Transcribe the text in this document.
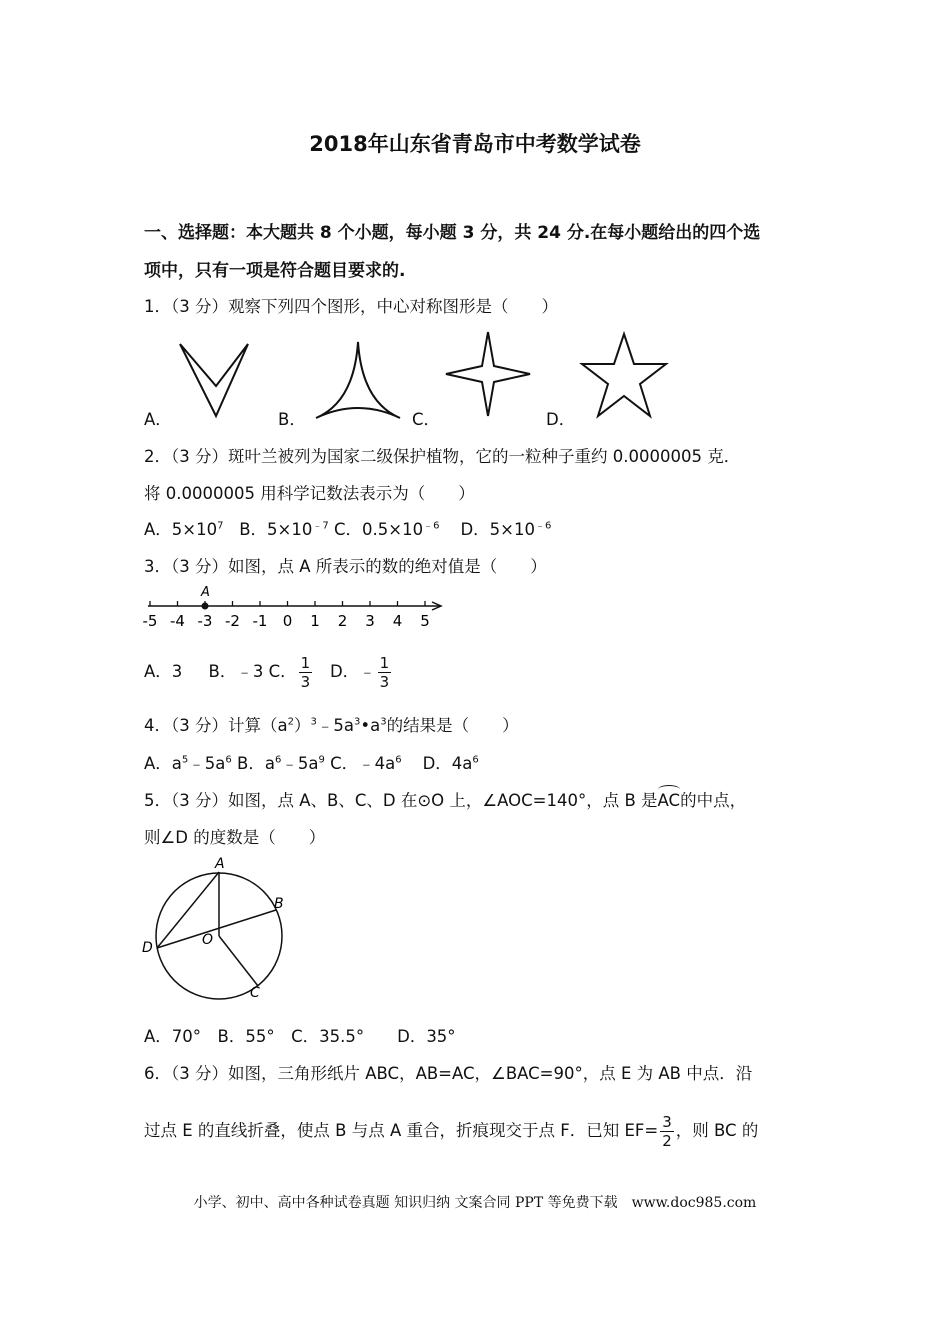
2018年山东省青岛市中考数学试卷
一、选择题：本大题共 8 个小题，每小题 3 分，共 24 分.在每小题给出的四个选
项中，只有一项是符合题目要求的.
1．（3 分）观察下列四个图形，中心对称图形是（　　）
A．	B．	C．	D．
2．（3 分）斑叶兰被列为国家二级保护植物，它的一粒种子重约 0.0000005 克．
将 0.0000005 用科学记数法表示为（　　）
A．$5\times 10^7$ B．$5\times 10^{﹣7}$ C．$0.5\times 10^{﹣6}$ D．$5\times 10^{﹣6}$
3．（3 分）如图，点 A 所表示的数的绝对值是（　　）
-5 -4 -3 -2 -1 0 1 2 3 4 5
A
A．3 B．﹣3 C． $\frac{1}{3}$ D．﹣ $\frac{1}{3}$
4．（3 分）计算$(a^2)^3﹣5a^3•a^3$的结果是（　　）
A．$a^5﹣5a^6$ B．$a^6﹣5a^9$ C．$﹣4a^6$ D．$4a^6$
5．（3 分）如图，点 A、B、C、D 在⊙O 上，∠AOC=140°，点 B 是
AC的中点，
则∠D 的度数是（　　）
A
B
C
D	O
A．70°　B．55°　C．35.5°　　D．35°
6．（3 分）如图，三角形纸片 ABC，AB=AC，∠BAC=90°，点 E 为 AB 中点．沿
过点 E 的直线折叠，使点 B 与点 A 重合，折痕现交于点 F．已知 $EF= \frac{3}{2}$ ，则 BC 的
小学、初中、高中各种试卷真题 知识归纳 文案合同 PPT 等免费下载　www.doc985.com
